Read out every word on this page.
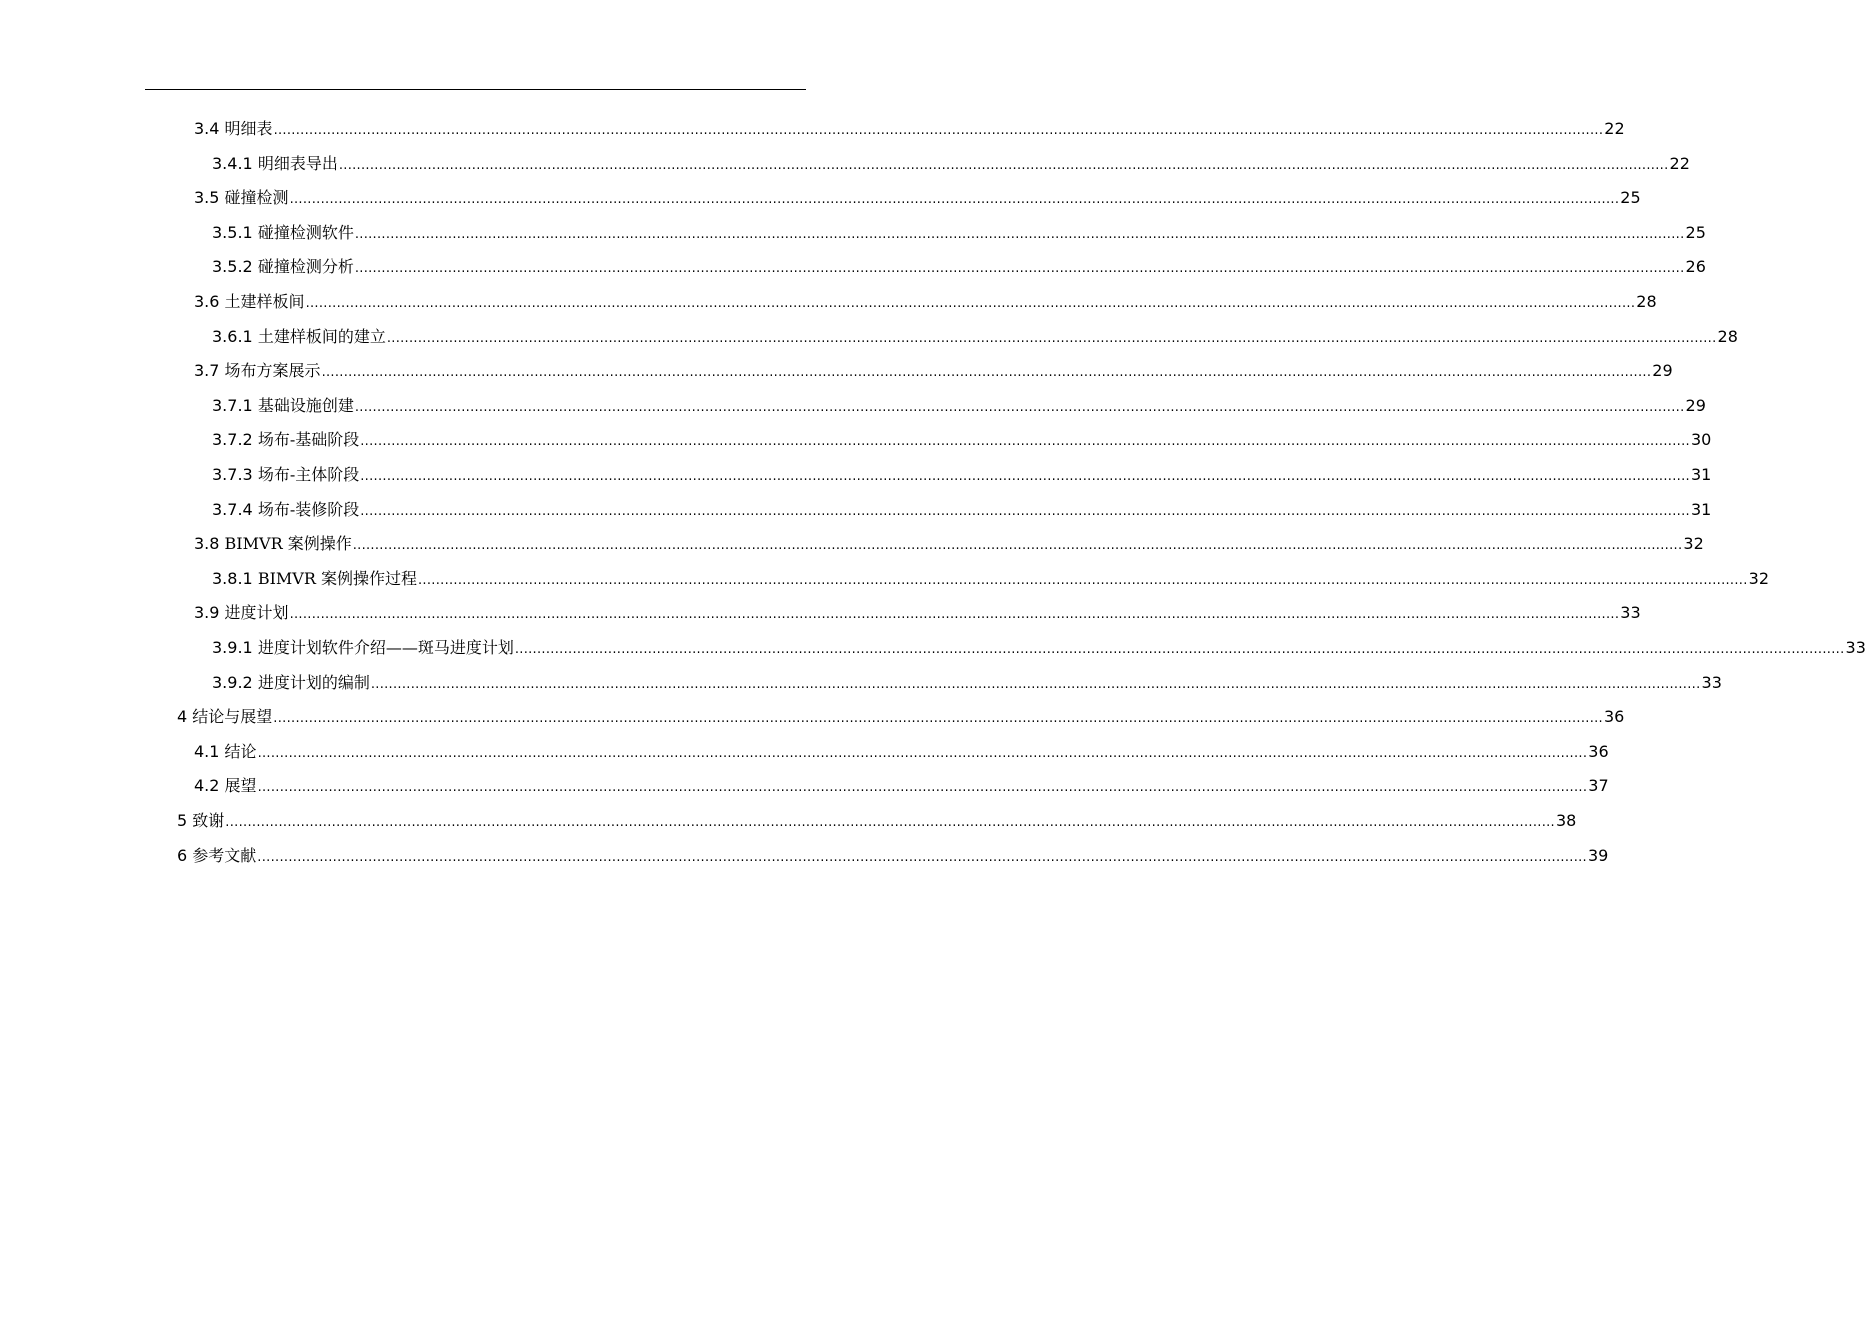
3.4
明细表 ............................................................................................................................................................................................................................................................................................................ 22
3.4.1
明细表导出 ............................................................................................................................................................................................................................................................................................................ 22
3.5
碰撞检测 ............................................................................................................................................................................................................................................................................................................ 25
3.5.1
碰撞检测软件 ............................................................................................................................................................................................................................................................................................................ 25
3.5.2
碰撞检测分析 ............................................................................................................................................................................................................................................................................................................ 26
3.6
土建样板间 ............................................................................................................................................................................................................................................................................................................ 28
3.6.1
土建样板间的建立 ............................................................................................................................................................................................................................................................................................................ 28
3.7
场布方案展示 ............................................................................................................................................................................................................................................................................................................ 29
3.7.1
基础设施创建 ............................................................................................................................................................................................................................................................................................................ 29
3.7.2
场布-基础阶段 ............................................................................................................................................................................................................................................................................................................ 30
3.7.3
场布-主体阶段 ............................................................................................................................................................................................................................................................................................................ 31
3.7.4
场布-装修阶段 ............................................................................................................................................................................................................................................................................................................ 31
3.8
BIMVR 案例操作 ............................................................................................................................................................................................................................................................................................................ 32
3.8.1
BIMVR 案例操作过程 ............................................................................................................................................................................................................................................................................................................ 32
3.9
进度计划 ............................................................................................................................................................................................................................................................................................................ 33
3.9.1
进度计划软件介绍——斑马进度计划 ............................................................................................................................................................................................................................................................................................................ 33
3.9.2
进度计划的编制 ............................................................................................................................................................................................................................................................................................................ 33
4
结论与展望 ............................................................................................................................................................................................................................................................................................................ 36
4.1
结论 ............................................................................................................................................................................................................................................................................................................ 36
4.2
展望 ............................................................................................................................................................................................................................................................................................................ 37
5
致谢 ............................................................................................................................................................................................................................................................................................................ 38
6
参考文献 ............................................................................................................................................................................................................................................................................................................ 39
